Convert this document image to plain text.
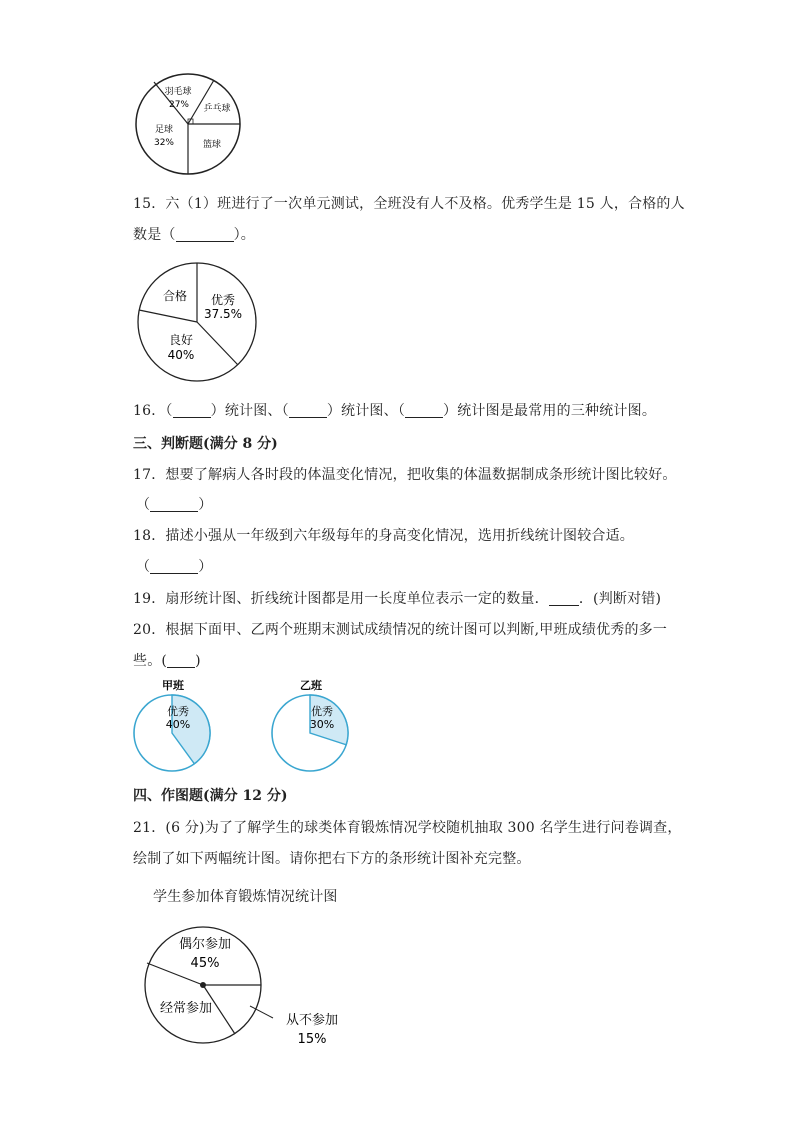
羽毛球
27% 乒乓球
足球
32%	篮球
15．六（1）班进行了一次单元测试，全班没有人不及格。优秀学生是 15 人，合格的人
数是（	）。
合格 优秀
37.5%
良好
40%
16．（	）统计图、（	）统计图、（	）统计图是最常用的三种统计图。
三、判断题(满分 8 分)
17．想要了解病人各时段的体温变化情况，把收集的体温数据制成条形统计图比较好。
（	）
18．描述小强从一年级到六年级每年的身高变化情况，选用折线统计图较合适。
（	）
19．扇形统计图、折线统计图都是用一长度单位表示一定的数量． ．(判断对错)
20．根据下面甲、乙两个班期末测试成绩情况的统计图可以判断,甲班成绩优秀的多一
些。( )
甲班
优秀
40%
乙班
优秀
30%
四、作图题(满分 12 分)
21．(6 分)为了了解学生的球类体育锻炼情况学校随机抽取 300 名学生进行问卷调查，
绘制了如下两幅统计图。请你把右下方的条形统计图补充完整。
学生参加体育锻炼情况统计图
偶尔参加
45%
经常参加
从不参加
15%
